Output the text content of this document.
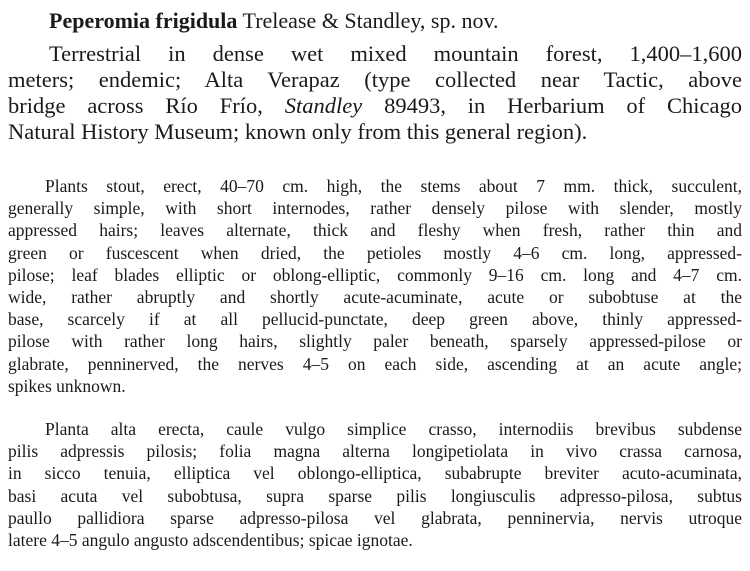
Peperomia frigidula Trelease & Standley, sp. nov.

Terrestrial in dense wet mixed mountain forest, 1,400–1,600
meters; endemic; Alta Verapaz (type collected near Tactic, above
bridge across Río Frío, Standley 89493, in Herbarium of Chicago
Natural History Museum; known only from this general region).

Plants stout, erect, 40–70 cm. high, the stems about 7 mm. thick, succulent,
generally simple, with short internodes, rather densely pilose with slender, mostly
appressed hairs; leaves alternate, thick and fleshy when fresh, rather thin and
green or fuscescent when dried, the petioles mostly 4–6 cm. long, appressed-
pilose; leaf blades elliptic or oblong-elliptic, commonly 9–16 cm. long and 4–7 cm.
wide, rather abruptly and shortly acute-acuminate, acute or subobtuse at the
base, scarcely if at all pellucid-punctate, deep green above, thinly appressed-
pilose with rather long hairs, slightly paler beneath, sparsely appressed-pilose or
glabrate, penninerved, the nerves 4–5 on each side, ascending at an acute angle;
spikes unknown.

Planta alta erecta, caule vulgo simplice crasso, internodiis brevibus subdense
pilis adpressis pilosis; folia magna alterna longipetiolata in vivo crassa carnosa,
in sicco tenuia, elliptica vel oblongo-elliptica, subabrupte breviter acuto-acuminata,
basi acuta vel subobtusa, supra sparse pilis longiusculis adpresso-pilosa, subtus
paullo pallidiora sparse adpresso-pilosa vel glabrata, penninervia, nervis utroque
latere 4–5 angulo angusto adscendentibus; spicae ignotae.
